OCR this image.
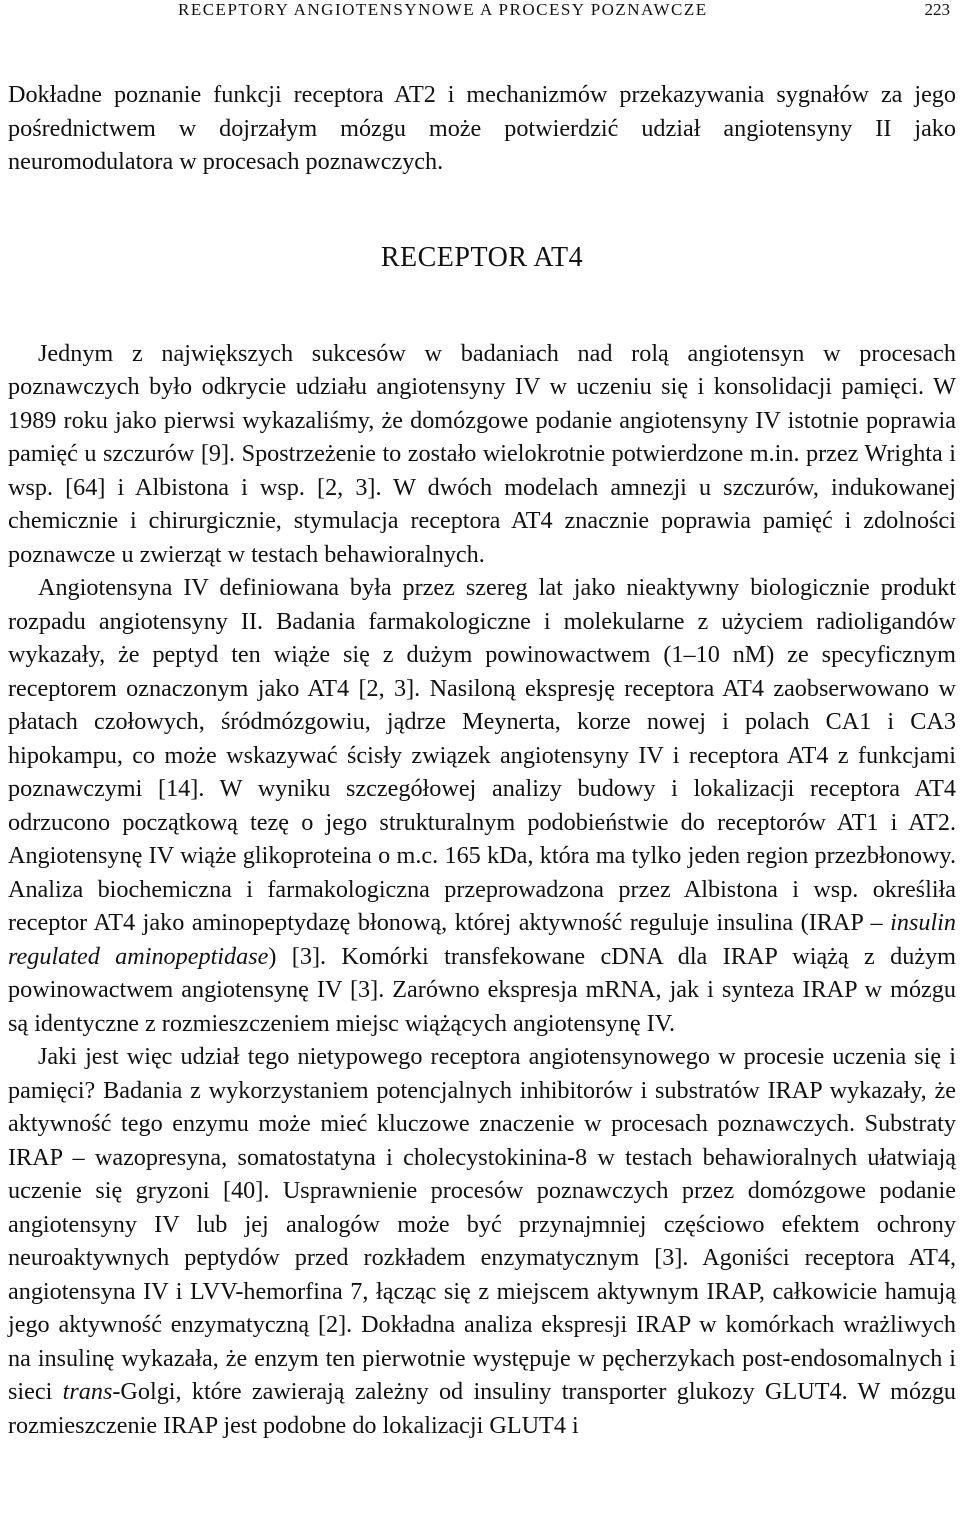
RECEPTORY ANGIOTENSYNOWE A PROCESY POZNAWCZE	223

Dokładne poznanie funkcji receptora AT2 i mechanizmów przekazywania sygnałów za jego pośrednictwem w dojrzałym mózgu może potwierdzić udział angiotensyny II jako neuromodulatora w procesach poznawczych.

RECEPTOR AT4

Jednym z największych sukcesów w badaniach nad rolą angiotensyn w procesach poznawczych było odkrycie udziału angiotensyny IV w uczeniu się i konsolidacji pamięci. W 1989 roku jako pierwsi wykazaliśmy, że domózgowe podanie angiotensyny IV istotnie poprawia pamięć u szczurów [9]. Spostrzeżenie to zostało wielokrotnie potwierdzone m.in. przez Wrighta i wsp. [64] i Albistona i wsp. [2, 3]. W dwóch modelach amnezji u szczurów, indukowanej chemicznie i chirurgicznie, stymulacja receptora AT4 znacznie poprawia pamięć i zdolności poznawcze u zwierząt w testach behawioralnych.

Angiotensyna IV definiowana była przez szereg lat jako nieaktywny biologicznie produkt rozpadu angiotensyny II. Badania farmakologiczne i molekularne z użyciem radioligandów wykazały, że peptyd ten wiąże się z dużym powinowactwem (1–10 nM) ze specyficznym receptorem oznaczonym jako AT4 [2, 3]. Nasiloną ekspresję receptora AT4 zaobserwowano w płatach czołowych, śródmózgowiu, jądrze Meynerta, korze nowej i polach CA1 i CA3 hipokampu, co może wskazywać ścisły związek angiotensyny IV i receptora AT4 z funkcjami poznawczymi [14]. W wyniku szczegółowej analizy budowy i lokalizacji receptora AT4 odrzucono początkową tezę o jego strukturalnym podobieństwie do receptorów AT1 i AT2. Angiotensynę IV wiąże glikoproteina o m.c. 165 kDa, która ma tylko jeden region przezbłonowy. Analiza biochemiczna i farmakologiczna przeprowadzona przez Albistona i wsp. określiła receptor AT4 jako aminopeptydazę błonową, której aktywność reguluje insulina (IRAP – insulin regulated aminopeptidase) [3]. Komórki transfekowane cDNA dla IRAP wiążą z dużym powinowactwem angiotensynę IV [3]. Zarówno ekspresja mRNA, jak i synteza IRAP w mózgu są identyczne z rozmieszczeniem miejsc wiążących angiotensynę IV.

Jaki jest więc udział tego nietypowego receptora angiotensynowego w procesie uczenia się i pamięci? Badania z wykorzystaniem potencjalnych inhibitorów i substratów IRAP wykazały, że aktywność tego enzymu może mieć kluczowe znaczenie w procesach poznawczych. Substraty IRAP – wazopresyna, somatostatyna i cholecystokinina-8 w testach behawioralnych ułatwiają uczenie się gryzoni [40]. Usprawnienie procesów poznawczych przez domózgowe podanie angiotensyny IV lub jej analogów może być przynajmniej częściowo efektem ochrony neuroaktywnych peptydów przed rozkładem enzymatycznym [3]. Agoniści receptora AT4, angiotensyna IV i LVV-hemorfina 7, łącząc się z miejscem aktywnym IRAP, całkowicie hamują jego aktywność enzymatyczną [2]. Dokładna analiza ekspresji IRAP w komórkach wrażliwych na insulinę wykazała, że enzym ten pierwotnie występuje w pęcherzykach post-endosomalnych i sieci trans-Golgi, które zawierają zależny od insuliny transporter glukozy GLUT4. W mózgu rozmieszczenie IRAP jest podobne do lokalizacji GLUT4 i
